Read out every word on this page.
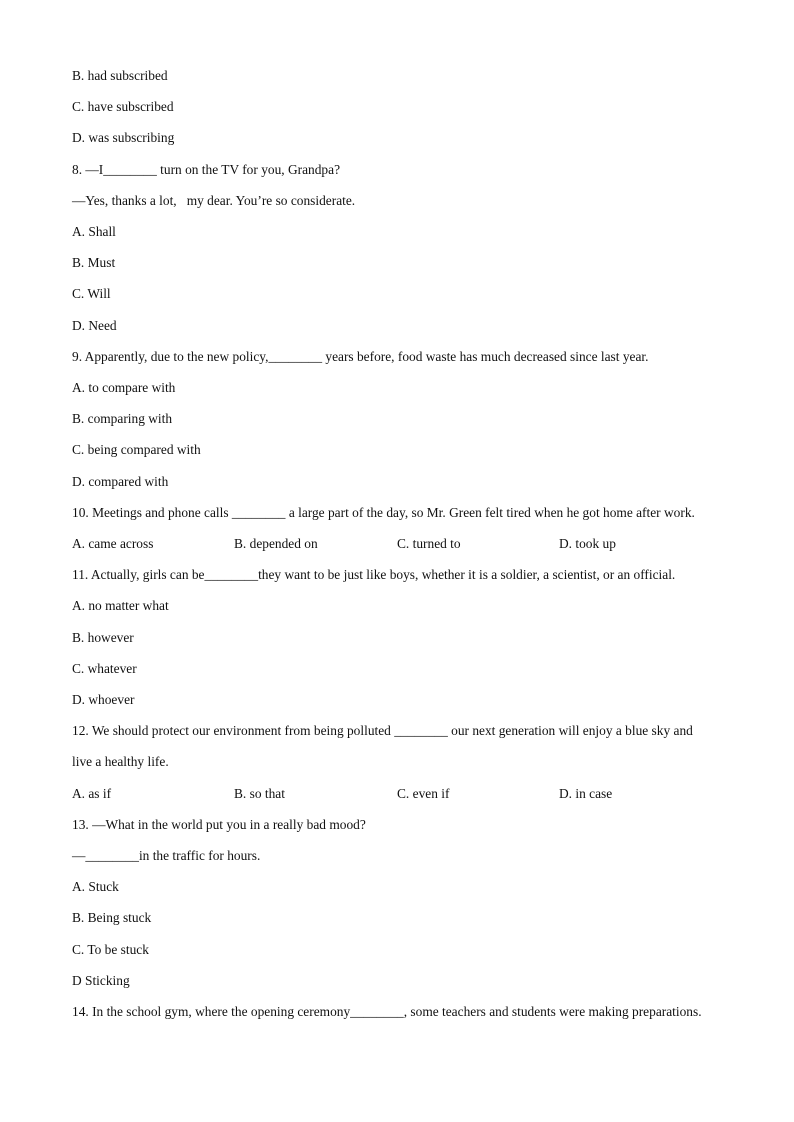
B. had subscribed
C. have subscribed
D. was subscribing
8. —I________ turn on the TV for you, Grandpa?
—Yes, thanks a lot,   my dear. You’re so considerate.
A. Shall
B. Must
C. Will
D. Need
9. Apparently, due to the new policy,________ years before, food waste has much decreased since last year.
A. to compare with
B. comparing with
C. being compared with
D. compared with
10. Meetings and phone calls ________ a large part of the day, so Mr. Green felt tired when he got home after work.
A. came across	B. depended on	C. turned to	D. took up
11. Actually, girls can be________they want to be just like boys, whether it is a soldier, a scientist, or an official.
A. no matter what
B. however
C. whatever
D. whoever
12. We should protect our environment from being polluted ________ our next generation will enjoy a blue sky and
live a healthy life.
A. as if	B. so that	C. even if	D. in case
13. —What in the world put you in a really bad mood?
—________in the traffic for hours.
A. Stuck
B. Being stuck
C. To be stuck
D Sticking
14. In the school gym, where the opening ceremony________, some teachers and students were making preparations.
